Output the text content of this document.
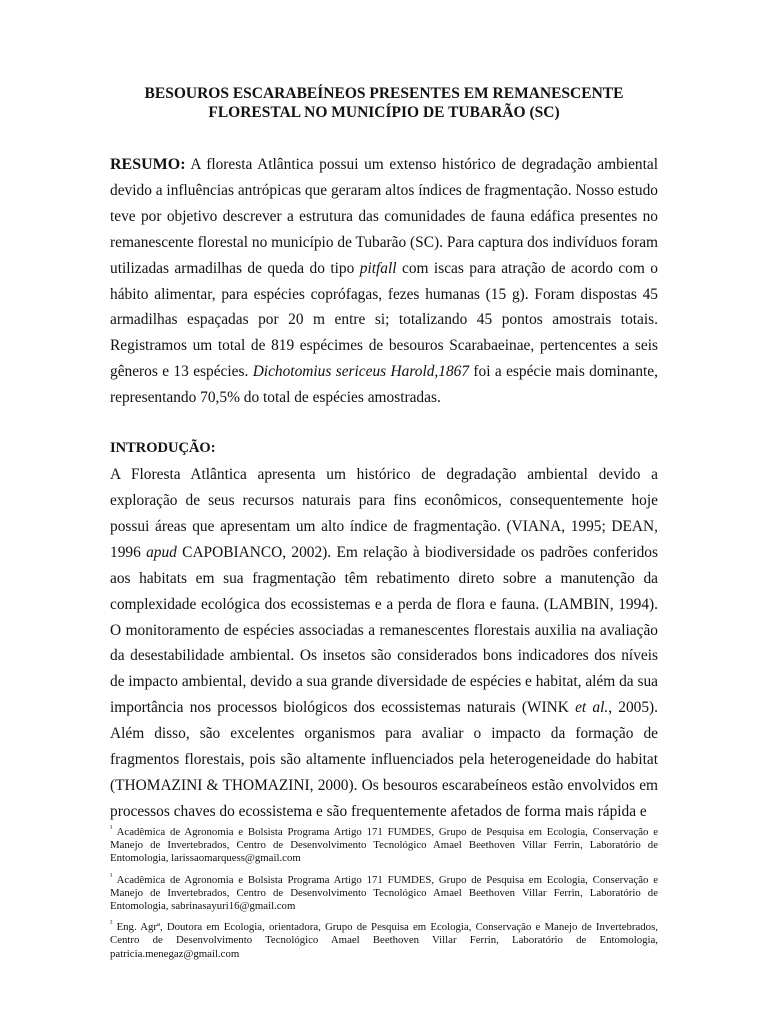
BESOUROS ESCARABEÍNEOS PRESENTES EM REMANESCENTE
FLORESTAL NO MUNICÍPIO DE TUBARÃO (SC)

RESUMO: A floresta Atlântica possui um extenso histórico de degradação ambiental devido a influências antrópicas que geraram altos índices de fragmentação. Nosso estudo teve por objetivo descrever a estrutura das comunidades de fauna edáfica presentes no remanescente florestal no município de Tubarão (SC). Para captura dos indivíduos foram utilizadas armadilhas de queda do tipo pitfall com iscas para atração de acordo com o hábito alimentar, para espécies coprófagas, fezes humanas (15 g). Foram dispostas 45 armadilhas espaçadas por 20 m entre si; totalizando 45 pontos amostrais totais. Registramos um total de 819 espécimes de besouros Scarabaeinae, pertencentes a seis gêneros e 13 espécies. Dichotomius sericeus Harold,1867 foi a espécie mais dominante, representando 70,5% do total de espécies amostradas.

INTRODUÇÃO:

A Floresta Atlântica apresenta um histórico de degradação ambiental devido a exploração de seus recursos naturais para fins econômicos, consequentemente hoje possui áreas que apresentam um alto índice de fragmentação. (VIANA, 1995; DEAN, 1996 apud CAPOBIANCO, 2002). Em relação à biodiversidade os padrões conferidos aos habitats em sua fragmentação têm rebatimento direto sobre a manutenção da complexidade ecológica dos ecossistemas e a perda de flora e fauna. (LAMBIN, 1994). O monitoramento de espécies associadas a remanescentes florestais auxilia na avaliação da desestabilidade ambiental. Os insetos são considerados bons indicadores dos níveis de impacto ambiental, devido a sua grande diversidade de espécies e habitat, além da sua importância nos processos biológicos dos ecossistemas naturais (WINK et al., 2005). Além disso, são excelentes organismos para avaliar o impacto da formação de fragmentos florestais, pois são altamente influenciados pela heterogeneidade do habitat (THOMAZINI & THOMAZINI, 2000). Os besouros escarabeíneos estão envolvidos em processos chaves do ecossistema e são frequentemente afetados de forma mais rápida e

$^{^1}$ Acadêmica de Agronomia e Bolsista Programa Artigo 171 FUMDES, Grupo de Pesquisa em Ecologia, Conservação e Manejo de Invertebrados, Centro de Desenvolvimento Tecnológico Amael Beethoven Villar Ferrin, Laboratório de Entomologia, larissaomarquess@gmail.com

$^{^1}$ Acadêmica de Agronomia e Bolsista Programa Artigo 171 FUMDES, Grupo de Pesquisa em Ecologia, Conservação e Manejo de Invertebrados, Centro de Desenvolvimento Tecnológico Amael Beethoven Villar Ferrin, Laboratório de Entomologia, sabrinasayuri16@gmail.com

$^{^2}$ Eng. Agrª, Doutora em Ecologia, orientadora, Grupo de Pesquisa em Ecologia, Conservação e Manejo de Invertebrados, Centro de Desenvolvimento Tecnológico Amael Beethoven Villar Ferrin, Laboratório de Entomologia, patricia.menegaz@gmail.com
